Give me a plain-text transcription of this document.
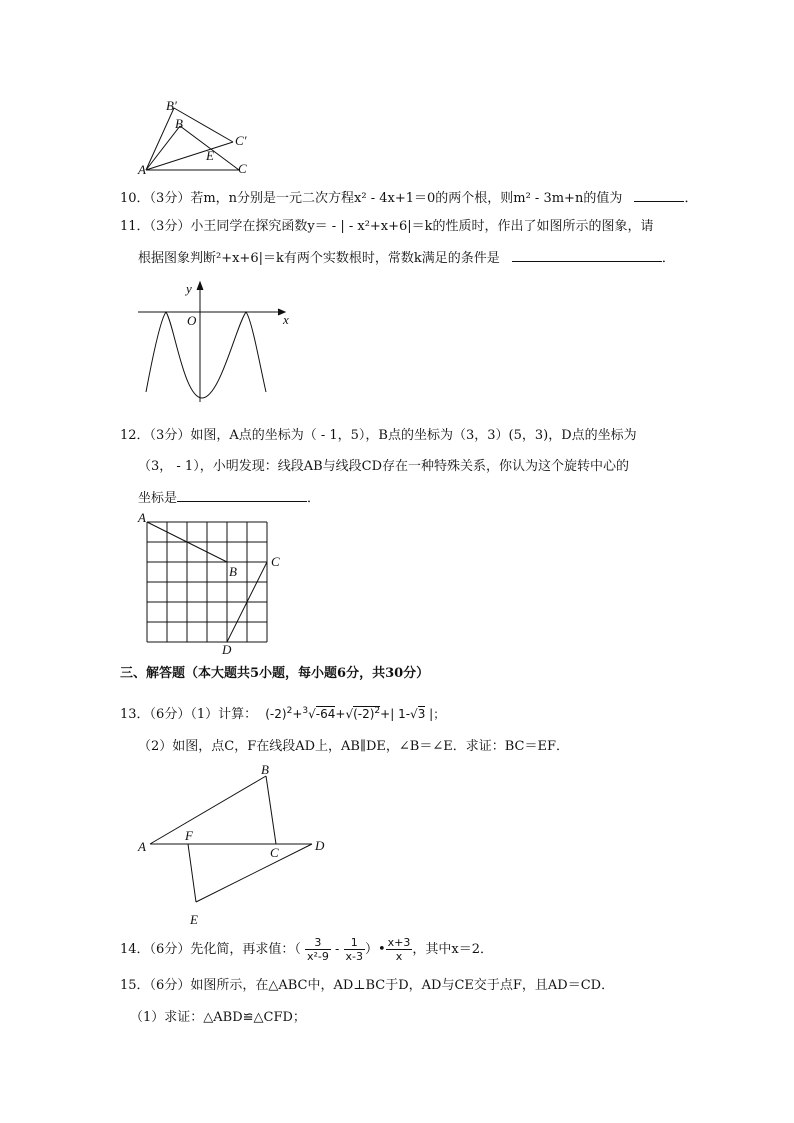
B′
B
C′
E
A	C
10．（3分）若m，n分别是一元二次方程x² - 4x+1＝0的两个根，则m² - 3m+n的值为	．
11．（3分）小王同学在探究函数y＝ - | - x²+x+6|＝k的性质时，作出了如图所示的图象，请
根据图象判断²+x+6|＝k有两个实数根时，常数k满足的条件是	．
y
O	x
12．（3分）如图，A点的坐标为（ - 1，5），B点的坐标为（3，3）(5，3)，D点的坐标为
（3， - 1），小明发现：线段AB与线段CD存在一种特殊关系，你认为这个旋转中心的
坐标是	．
A
B
C
D
三、解答题（本大题共5小题，每小题6分，共30分）
13．（6分）（1）计算： $(-2)^2+^3√-64+√(-2)^2+|$ 1-√3 |；
（2）如图，点C，F在线段AD上，AB∥DE，∠B＝∠E．求证：BC＝EF．
B
A
F
C	D
E
14．（6分）先化简，再求值：（ $\frac{3}{\text{x²-9}} - \frac{1}{x-3}$ ）• $\frac{x+3}{x}$ ，其中x＝2．
15．（6分）如图所示，在△ABC中，AD⊥BC于D，AD与CE交于点F，且AD＝CD．
（1）求证：△ABD≌△CFD；
